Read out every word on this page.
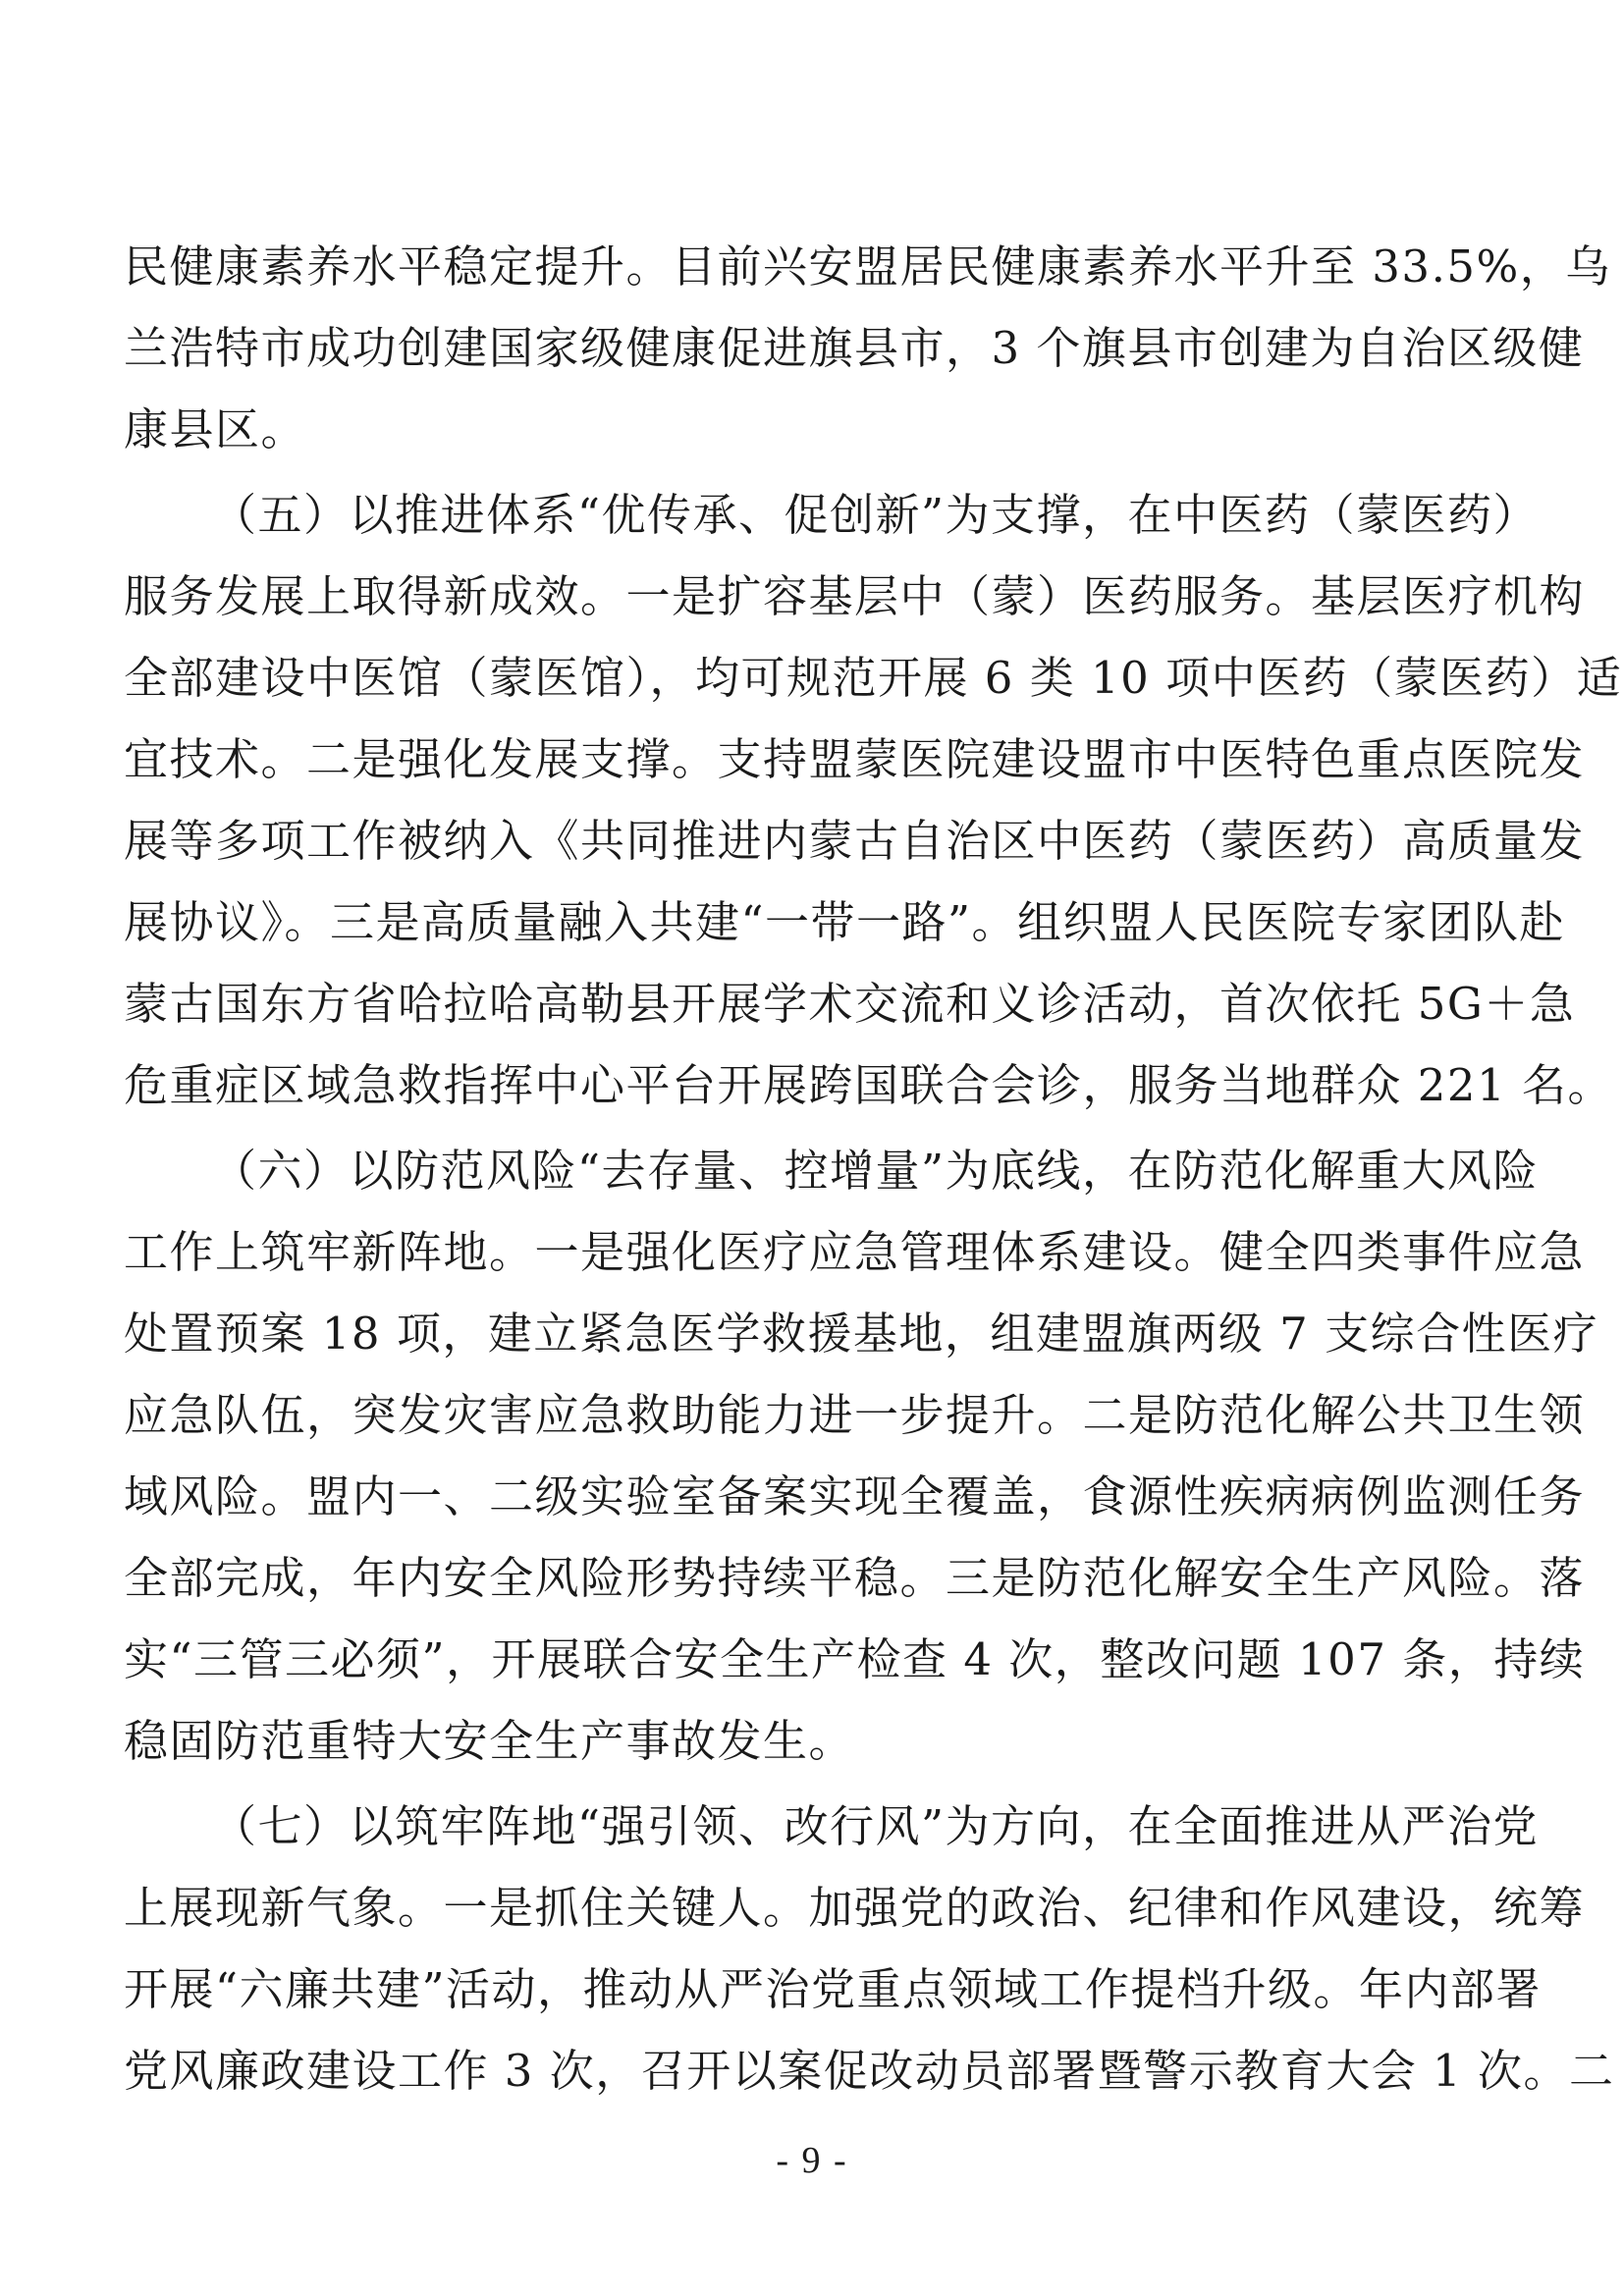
民健康素养水平稳定提升。目前兴安盟居民健康素养水平升至 33.5%，乌
兰浩特市成功创建国家级健康促进旗县市，3 个旗县市创建为自治区级健
康县区。
（五）以推进体系“优传承、促创新”为支撑，在中医药（蒙医药）
服务发展上取得新成效。一是扩容基层中（蒙）医药服务。基层医疗机构
全部建设中医馆（蒙医馆），均可规范开展 6 类 10 项中医药（蒙医药）适
宜技术。二是强化发展支撑。支持盟蒙医院建设盟市中医特色重点医院发
展等多项工作被纳入《共同推进内蒙古自治区中医药（蒙医药）高质量发
展协议》。三是高质量融入共建“一带一路”。组织盟人民医院专家团队赴
蒙古国东方省哈拉哈高勒县开展学术交流和义诊活动，首次依托 5G＋急
危重症区域急救指挥中心平台开展跨国联合会诊，服务当地群众 221 名。
（六）以防范风险“去存量、控增量”为底线，在防范化解重大风险
工作上筑牢新阵地。一是强化医疗应急管理体系建设。健全四类事件应急
处置预案 18 项，建立紧急医学救援基地，组建盟旗两级 7 支综合性医疗
应急队伍，突发灾害应急救助能力进一步提升。二是防范化解公共卫生领
域风险。盟内一、二级实验室备案实现全覆盖，食源性疾病病例监测任务
全部完成，年内安全风险形势持续平稳。三是防范化解安全生产风险。落
实“三管三必须”，开展联合安全生产检查 4 次，整改问题 107 条，持续
稳固防范重特大安全生产事故发生。
（七）以筑牢阵地“强引领、改行风”为方向，在全面推进从严治党
上展现新气象。一是抓住关键人。加强党的政治、纪律和作风建设，统筹
开展“六廉共建”活动，推动从严治党重点领域工作提档升级。年内部署
党风廉政建设工作 3 次，召开以案促改动员部署暨警示教育大会 1 次。二
- 9 -
